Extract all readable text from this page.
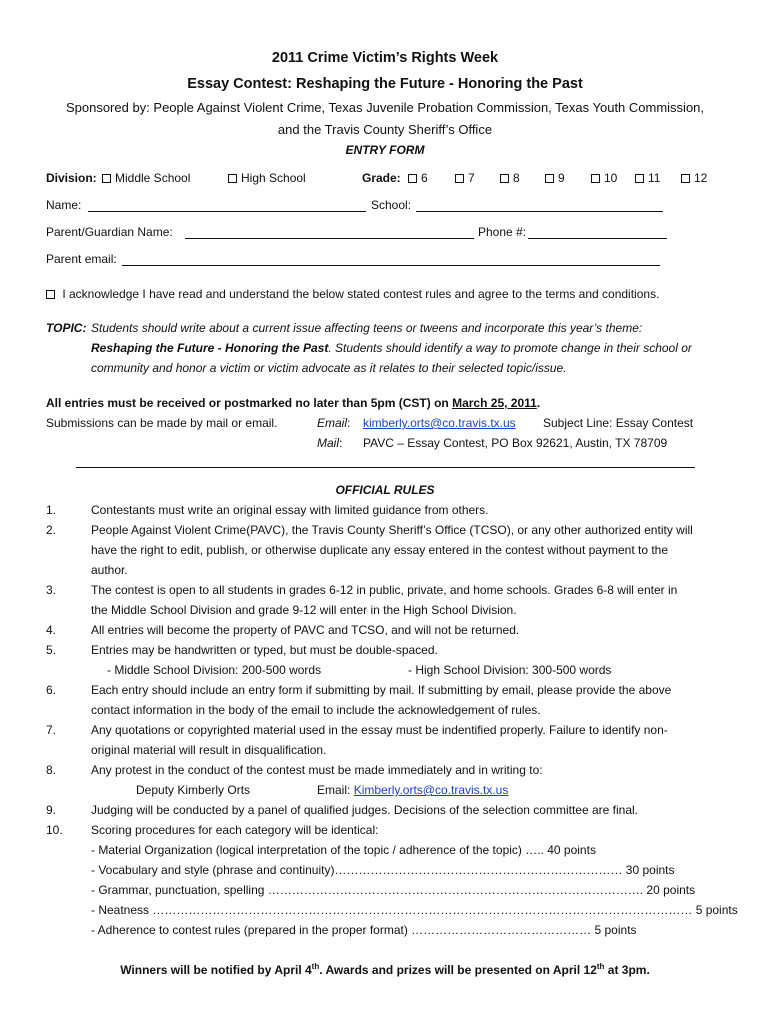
2011 Crime Victim’s Rights Week
Essay Contest: Reshaping the Future - Honoring the Past
Sponsored by: People Against Violent Crime, Texas Juvenile Probation Commission, Texas Youth Commission,
and the Travis County Sheriff’s Office
ENTRY FORM
Division:	Middle School	High School	Grade:	6	7	8	9	10	11	12
Name:	School:
Parent/Guardian Name:	Phone #:
Parent email:
I acknowledge I have read and understand the below stated contest rules and agree to the terms and conditions.
TOPIC: Students should write about a current issue affecting teens or tweens and incorporate this year’s theme:
Reshaping the Future - Honoring the Past. Students should identify a way to promote change in their school or
community and honor a victim or victim advocate as it relates to their selected topic/issue.
All entries must be received or postmarked no later than 5pm (CST) on March 25, 2011.
Submissions can be made by mail or email.	Email: kimberly.orts@co.travis.tx.us Subject Line: Essay Contest
Mail: PAVC – Essay Contest, PO Box 92621, Austin, TX 78709
OFFICIAL RULES
1.	Contestants must write an original essay with limited guidance from others.
2.	People Against Violent Crime(PAVC), the Travis County Sheriff’s Office (TCSO), or any other authorized entity will
have the right to edit, publish, or otherwise duplicate any essay entered in the contest without payment to the
author.
3.	The contest is open to all students in grades 6-12 in public, private, and home schools. Grades 6-8 will enter in
the Middle School Division and grade 9-12 will enter in the High School Division.
4.	All entries will become the property of PAVC and TCSO, and will not be returned.
5.	Entries may be handwritten or typed, but must be double-spaced.
- Middle School Division: 200-500 words	- High School Division: 300-500 words
6.	Each entry should include an entry form if submitting by mail. If submitting by email, please provide the above
contact information in the body of the email to include the acknowledgement of rules.
7.	Any quotations or copyrighted material used in the essay must be indentified properly. Failure to identify non-
original material will result in disqualification.
8.	Any protest in the conduct of the contest must be made immediately and in writing to:
Deputy Kimberly Orts	Email: Kimberly.orts@co.travis.tx.us
9.	Judging will be conducted by a panel of qualified judges. Decisions of the selection committee are final.
10. Scoring procedures for each category will be identical:
- Material Organization (logical interpretation of the topic / adherence of the topic) ….. 40 points
- Vocabulary and style (phrase and continuity)……………………………………………………………… 30 points
- Grammar, punctuation, spelling …………………………………………………………………………………. 20 points
- Neatness ……………………………………………………………………………………………………………………… 5 points
- Adherence to contest rules (prepared in the proper format) ……………………………………… 5 points
Winners will be notified by April 4th. Awards and prizes will be presented on April 12th at 3pm.
